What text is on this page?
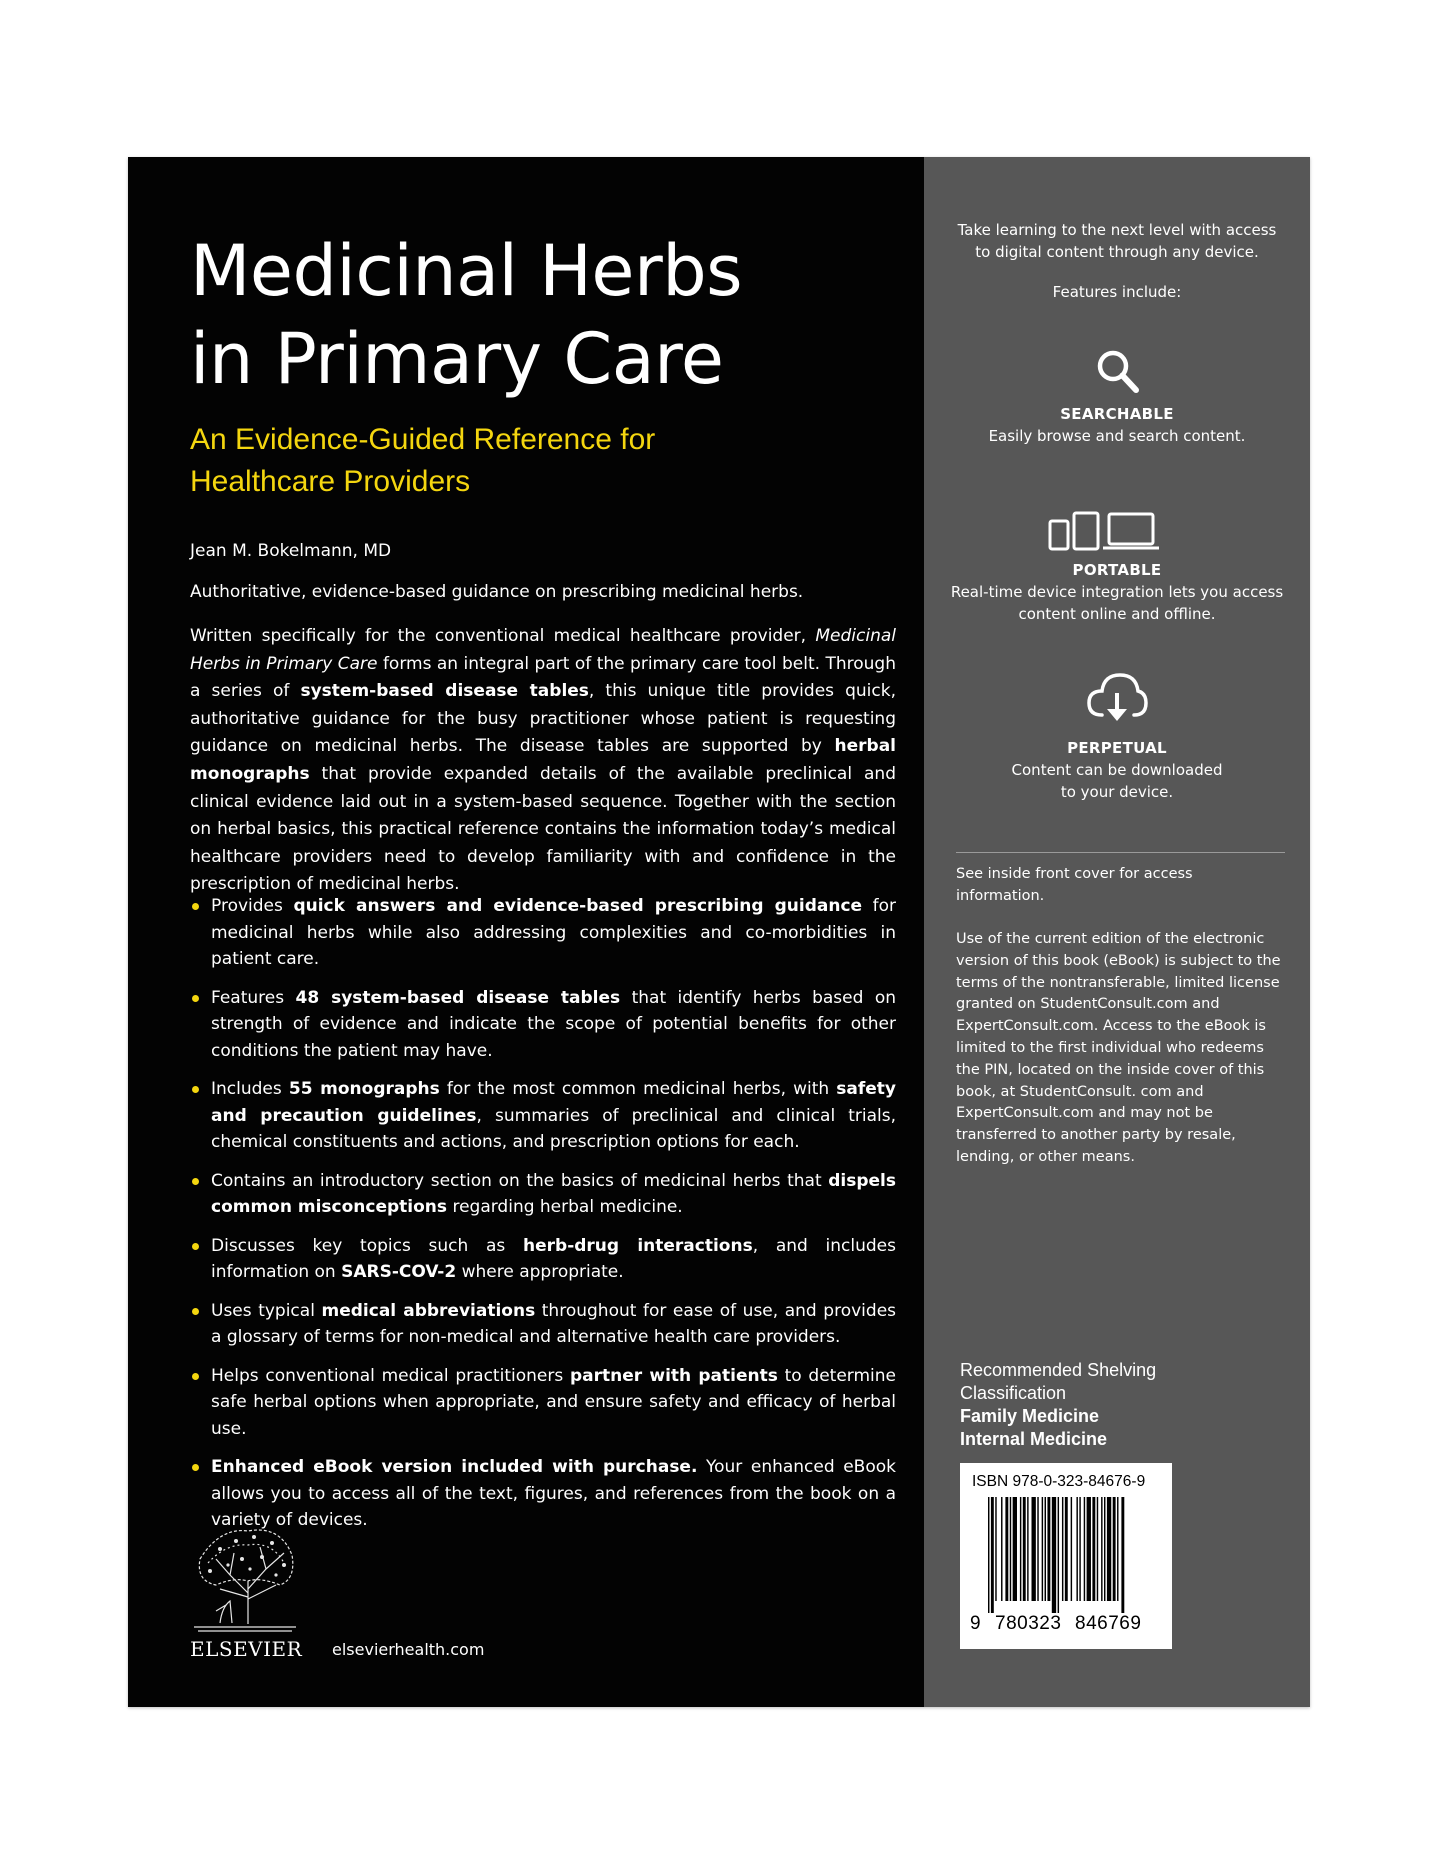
Medicinal Herbs
in Primary Care
An Evidence-Guided Reference for
Healthcare Providers
Jean M. Bokelmann, MD
Authoritative, evidence-based guidance on prescribing medicinal herbs.

Written specifically for the conventional medical healthcare provider, Medicinal Herbs in Primary Care forms an integral part of the primary care tool belt. Through a series of system-based disease tables, this unique title provides quick, authoritative guidance for the busy practitioner whose patient is requesting guidance on medicinal herbs. The disease tables are supported by herbal monographs that provide expanded details of the available preclinical and clinical evidence laid out in a system-based sequence. Together with the section on herbal basics, this practical reference contains the information today’s medical healthcare providers need to develop familiarity with and confidence in the prescription of medicinal herbs.

Provides quick answers and evidence-based prescribing guidance for medicinal herbs while also addressing complexities and co-morbidities in patient care.
Features 48 system-based disease tables that identify herbs based on strength of evidence and indicate the scope of potential benefits for other conditions the patient may have.
Includes 55 monographs for the most common medicinal herbs, with safety and precaution guidelines, summaries of preclinical and clinical trials, chemical constituents and actions, and prescription options for each.
Contains an introductory section on the basics of medicinal herbs that dispels common misconceptions regarding herbal medicine.
Discusses key topics such as herb-drug interactions, and includes information on SARS-COV-2 where appropriate.
Uses typical medical abbreviations throughout for ease of use, and provides a glossary of terms for non-medical and alternative health care providers.
Helps conventional medical practitioners partner with patients to determine safe herbal options when appropriate, and ensure safety and efficacy of herbal use.
Enhanced eBook version included with purchase. Your enhanced eBook allows you to access all of the text, figures, and references from the book on a variety of devices.
ELSEVIER elsevierhealth.com
Take learning to the next level with access
to digital content through any device.
Features include:
SEARCHABLE
Easily browse and search content.
PORTABLE
Real-time device integration lets you access
content online and offline.
PERPETUAL
Content can be downloaded
to your device.

See inside front cover for access information.

Use of the current edition of the electronic version of this book (eBook) is subject to the terms of the nontransferable, limited license granted on StudentConsult.com and ExpertConsult.com. Access to the eBook is limited to the first individual who redeems the PIN, located on the inside cover of this book, at StudentConsult. com and ExpertConsult.com and may not be transferred to another party by resale, lending, or other means.

Recommended Shelving
Classification
Family Medicine
Internal Medicine
ISBN 978-0-323-84676-9
9 780323 846769
